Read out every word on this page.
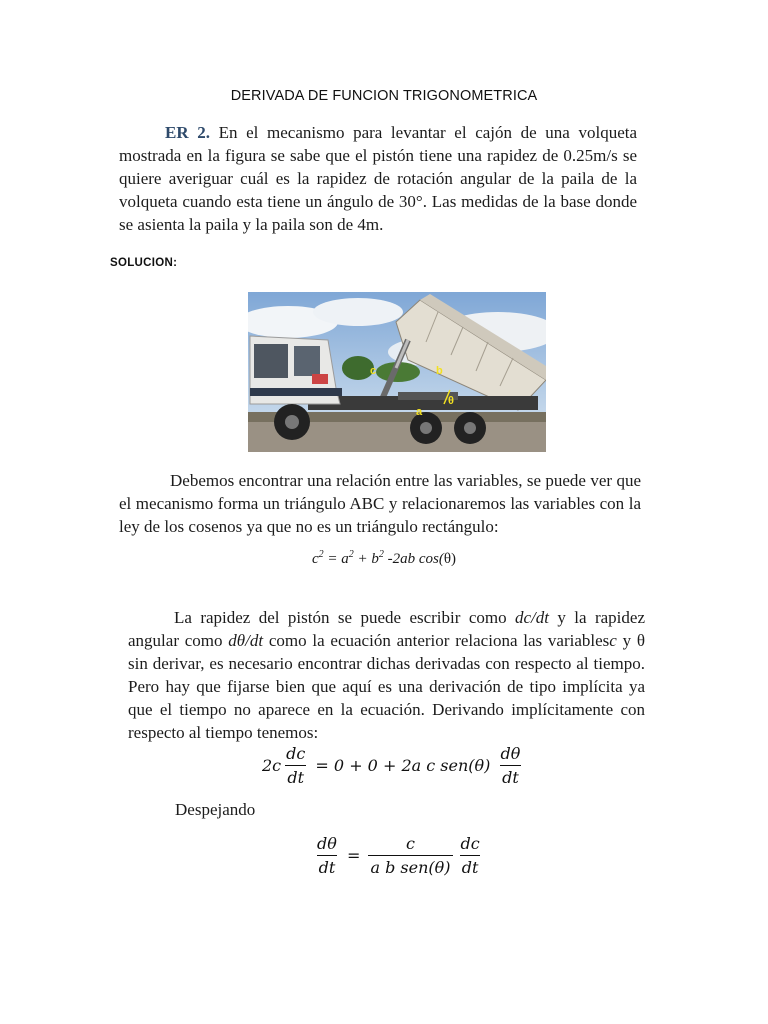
DERIVADA DE FUNCION TRIGONOMETRICA
ER 2. En el mecanismo para levantar el cajón de una volqueta mostrada en la figura se sabe que el pistón tiene una rapidez de 0.25m/s se quiere averiguar cuál es la rapidez de rotación angular de la paila de la volqueta cuando esta tiene un ángulo de 30°. Las medidas de la base donde se asienta la paila y la paila son de 4m.
SOLUCION:
c	b
a
θ
Debemos encontrar una relación entre las variables, se puede ver que el mecanismo forma un triángulo ABC y relacionaremos las variables con la ley de los cosenos ya que no es un triángulo rectángulo:
$c^2 = a^2 + b^2$ -2ab cos(θ)
La rapidez del pistón se puede escribir como dc/dt y la rapidez angular como dθ/dt como la ecuación anterior relaciona las variablesc y θ sin derivar, es necesario encontrar dichas derivadas con respecto al tiempo. Pero hay que fijarse bien que aquí es una derivación de tipo implícita ya que el tiempo no aparece en la ecuación. Derivando implícitamente con respecto al tiempo tenemos:
$2c \frac{dc}{dt} = 0 + 0 + 2a$ c $sen(\theta) \frac{d\theta}{dt}$
Despejando
$\frac{d\theta}{dt} = \frac{c}{\text{a b sen(θ)}} \frac{dc}{dt}$
